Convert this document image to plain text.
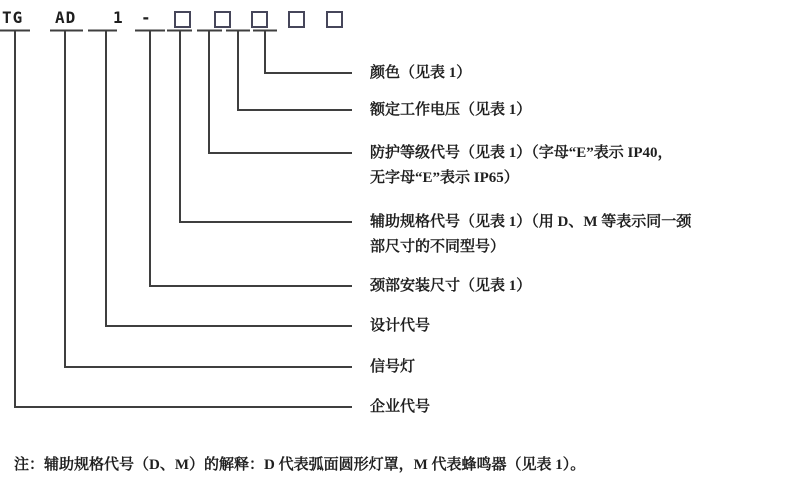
TG AD 1 -
颜色（见表 1）
额定工作电压（见表 1）
防护等级代号（见表 1）（字母“E”表示 IP40，
无字母“E”表示 IP65）
辅助规格代号（见表 1）（用 D、M 等表示同一颈
部尺寸的不同型号）
颈部安装尺寸（见表 1）
设计代号
信号灯
企业代号
注：辅助规格代号（D、M）的解释：D 代表弧面圆形灯罩，M 代表蜂鸣器（见表 1）。
